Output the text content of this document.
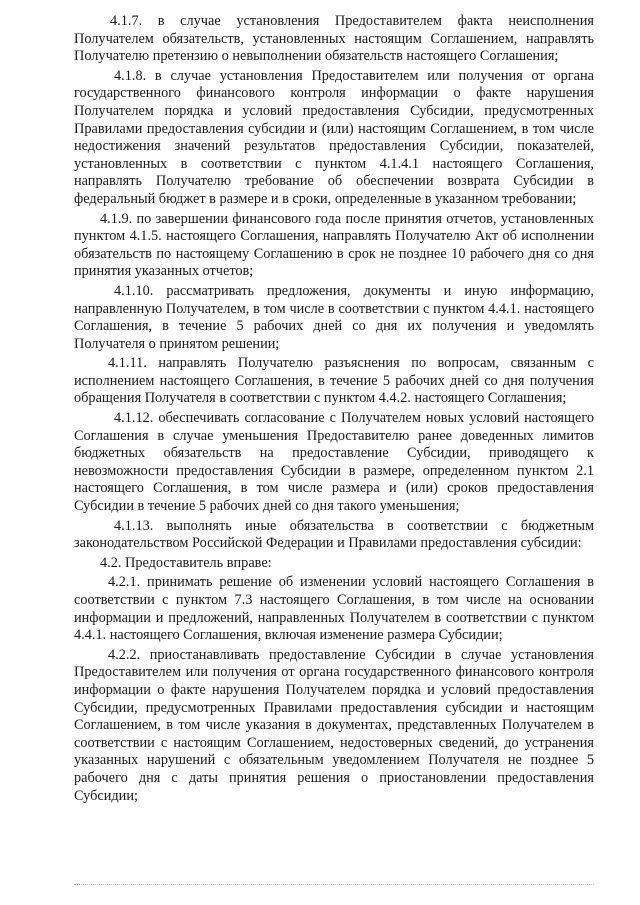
4.1.7. в случае установления Предоставителем факта неисполнения Получателем обязательств, установленных настоящим Соглашением, направлять Получателю претензию о невыполнении обязательств настоящего Соглашения;

4.1.8. в случае установления Предоставителем или получения от органа государственного финансового контроля информации о факте нарушения Получателем порядка и условий предоставления Субсидии, предусмотренных Правилами предоставления субсидии и (или) настоящим Соглашением, в том числе недостижения значений результатов предоставления Субсидии, показателей, установленных в соответствии с пунктом 4.1.4.1 настоящего Соглашения, направлять Получателю требование об обеспечении возврата Субсидии в федеральный бюджет в размере и в сроки, определенные в указанном требовании;

4.1.9. по завершении финансового года после принятия отчетов, установленных пунктом 4.1.5. настоящего Соглашения, направлять Получателю Акт об исполнении обязательств по настоящему Соглашению в срок не позднее 10 рабочего дня со дня принятия указанных отчетов;

4.1.10. рассматривать предложения, документы и иную информацию, направленную Получателем, в том числе в соответствии с пунктом 4.4.1. настоящего Соглашения, в течение 5 рабочих дней со дня их получения и уведомлять Получателя о принятом решении;

4.1.11. направлять Получателю разъяснения по вопросам, связанным с исполнением настоящего Соглашения, в течение 5 рабочих дней со дня получения обращения Получателя в соответствии с пунктом 4.4.2. настоящего Соглашения;

4.1.12. обеспечивать согласование с Получателем новых условий настоящего Соглашения в случае уменьшения Предоставителю ранее доведенных лимитов бюджетных обязательств на предоставление Субсидии, приводящего к невозможности предоставления Субсидии в размере, определенном пунктом 2.1 настоящего Соглашения, в том числе размера и (или) сроков предоставления Субсидии в течение 5 рабочих дней со дня такого уменьшения;

4.1.13. выполнять иные обязательства в соответствии с бюджетным законодательством Российской Федерации и Правилами предоставления субсидии:

4.2. Предоставитель вправе:

4.2.1. принимать решение об изменении условий настоящего Соглашения в соответствии с пунктом 7.3 настоящего Соглашения, в том числе на основании информации и предложений, направленных Получателем в соответствии с пунктом 4.4.1. настоящего Соглашения, включая изменение размера Субсидии;

4.2.2. приостанавливать предоставление Субсидии в случае установления Предоставителем или получения от органа государственного финансового контроля информации о факте нарушения Получателем порядка и условий предоставления Субсидии, предусмотренных Правилами предоставления субсидии и настоящим Соглашением, в том числе указания в документах, представленных Получателем в соответствии с настоящим Соглашением, недостоверных сведений, до устранения указанных нарушений с обязательным уведомлением Получателя не позднее 5 рабочего дня с даты принятия решения о приостановлении предоставления Субсидии;
